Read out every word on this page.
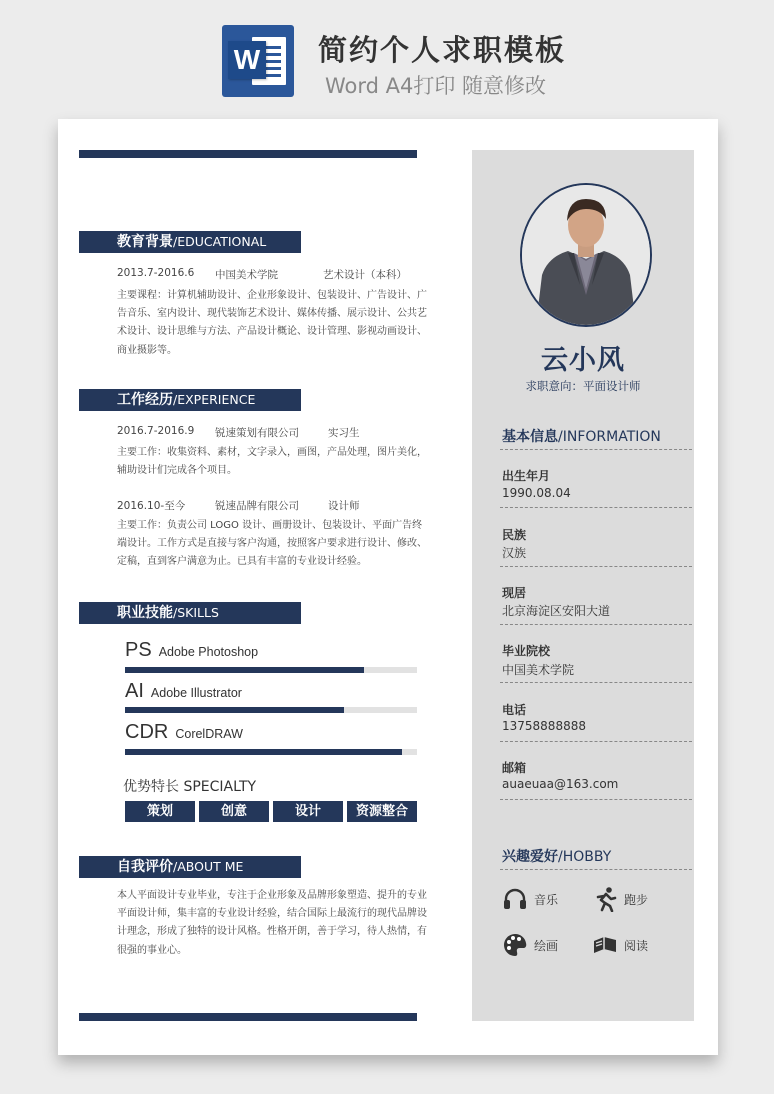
W 简约个人求职模板
Word A4打印 随意修改
教育背景/EDUCATIONAL
2013.7-2016.6 中国美术学院	艺术设计（本科）
主要课程：计算机辅助设计、企业形象设计、包装设计、广告设计、广告音乐、室内设计、现代装饰艺术设计、媒体传播、展示设计、公共艺术设计、设计思维与方法、产品设计概论、设计管理、影视动画设计、商业摄影等。
工作经历/EXPERIENCE
2016.7-2016.9 锐速策划有限公司	实习生
主要工作：收集资料、素材，文字录入，画图，产品处理，图片美化，辅助设计们完成各个项目。
2016.10-至今	锐速品牌有限公司	设计师
主要工作：负责公司 LOGO 设计、画册设计、包装设计、平面广告终端设计。工作方式是直接与客户沟通，按照客户要求进行设计、修改、定稿，直到客户满意为止。已具有丰富的专业设计经验。
职业技能/SKILLS
PS Adobe Photoshop
AI Adobe Illustrator
CDR CorelDRAW
优势特长 SPECIALTY
策划	创意	设计	资源整合
自我评价/ABOUT ME
本人平面设计专业毕业，专注于企业形象及品牌形象塑造、提升的专业平面设计师，集丰富的专业设计经验，结合国际上最流行的现代品牌设计理念，形成了独特的设计风格。性格开朗，善于学习，待人热情，有很强的事业心。
云小风
求职意向：平面设计师
基本信息/INFORMATION
出生年月
1990.08.04
民族
汉族
现居
北京海淀区安阳大道
毕业院校
中国美术学院
电话
13758888888
邮箱
auaeuaa@163.com
兴趣爱好/HOBBY
音乐	跑步
绘画	阅读
